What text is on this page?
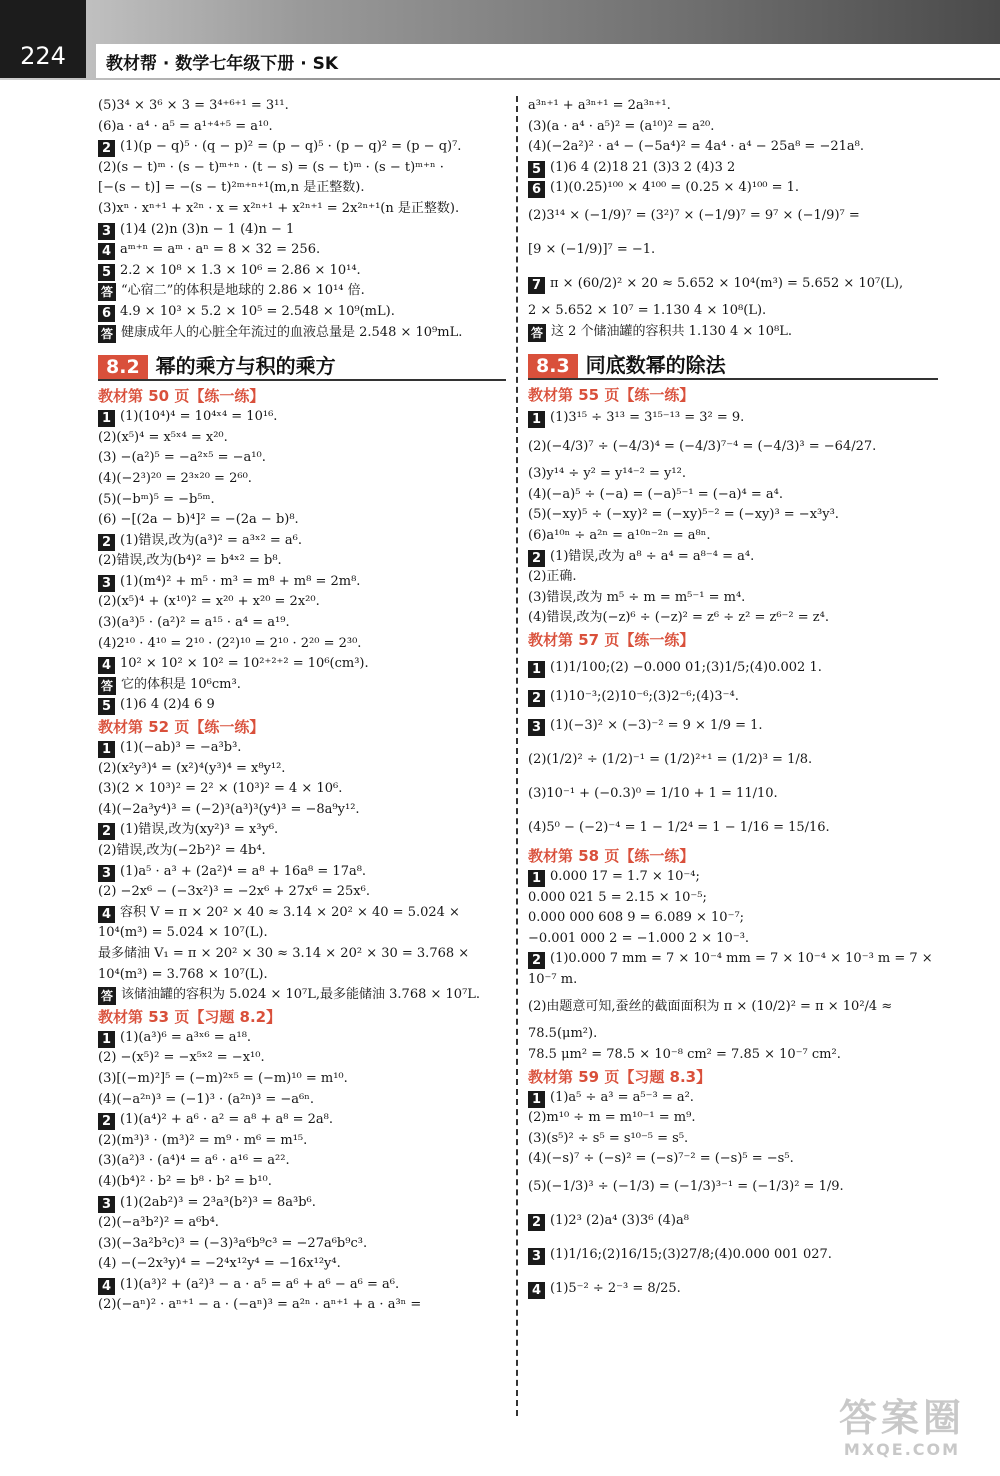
224	教材帮 · 数学七年级下册 · SK
(5)3⁴ × 3⁶ × 3 = 3⁴⁺⁶⁺¹ = 3¹¹.
(6)a · a⁴ · a⁵ = a¹⁺⁴⁺⁵ = a¹⁰.
2 (1)(p − q)⁵ · (q − p)² = (p − q)⁵ · (p − q)² = (p − q)⁷.
(2)(s − t)ᵐ · (s − t)ᵐ⁺ⁿ · (t − s) = (s − t)ᵐ · (s − t)ᵐ⁺ⁿ ·
[−(s − t)] = −(s − t)²ᵐ⁺ⁿ⁺¹(m,n 是正整数).
(3)xⁿ · xⁿ⁺¹ + x²ⁿ · x = x²ⁿ⁺¹ + x²ⁿ⁺¹ = 2x²ⁿ⁺¹(n 是正整数).
3 (1)4 (2)n (3)n − 1 (4)n − 1
4 aᵐ⁺ⁿ = aᵐ · aⁿ = 8 × 32 = 256.
5 2.2 × 10⁸ × 1.3 × 10⁶ = 2.86 × 10¹⁴.
答 “心宿二”的体积是地球的 2.86 × 10¹⁴ 倍.
6 4.9 × 10³ × 5.2 × 10⁵ = 2.548 × 10⁹(mL).
答 健康成年人的心脏全年流过的血液总量是 2.548 × 10⁹mL.
8.2 幂的乘方与积的乘方
教材第 50 页【练一练】
1 (1)(10⁴)⁴ = 10⁴ˣ⁴ = 10¹⁶.
(2)(x⁵)⁴ = x⁵ˣ⁴ = x²⁰.
(3) −(a²)⁵ = −a²ˣ⁵ = −a¹⁰.
(4)(−2³)²⁰ = 2³ˣ²⁰ = 2⁶⁰.
(5)(−bᵐ)⁵ = −b⁵ᵐ.
(6) −[(2a − b)⁴]² = −(2a − b)⁸.
2 (1)错误,改为(a³)² = a³ˣ² = a⁶.
(2)错误,改为(b⁴)² = b⁴ˣ² = b⁸.
3 (1)(m⁴)² + m⁵ · m³ = m⁸ + m⁸ = 2m⁸.
(2)(x⁵)⁴ + (x¹⁰)² = x²⁰ + x²⁰ = 2x²⁰.
(3)(a³)⁵ · (a²)² = a¹⁵ · a⁴ = a¹⁹.
(4)2¹⁰ · 4¹⁰ = 2¹⁰ · (2²)¹⁰ = 2¹⁰ · 2²⁰ = 2³⁰.
4 10² × 10² × 10² = 10²⁺²⁺² = 10⁶(cm³).
答 它的体积是 10⁶cm³.
5 (1)6 4 (2)4 6 9
教材第 52 页【练一练】
1 (1)(−ab)³ = −a³b³.
(2)(x²y³)⁴ = (x²)⁴(y³)⁴ = x⁸y¹².
(3)(2 × 10³)² = 2² × (10³)² = 4 × 10⁶.
(4)(−2a³y⁴)³ = (−2)³(a³)³(y⁴)³ = −8a⁹y¹².
2 (1)错误,改为(xy²)³ = x³y⁶.
(2)错误,改为(−2b²)² = 4b⁴.
3 (1)a⁵ · a³ + (2a²)⁴ = a⁸ + 16a⁸ = 17a⁸.
(2) −2x⁶ − (−3x²)³ = −2x⁶ + 27x⁶ = 25x⁶.
4 容积 V = π × 20² × 40 ≈ 3.14 × 20² × 40 = 5.024 ×
10⁴(m³) = 5.024 × 10⁷(L).
最多储油 V₁ = π × 20² × 30 ≈ 3.14 × 20² × 30 = 3.768 ×
10⁴(m³) = 3.768 × 10⁷(L).
答 该储油罐的容积为 5.024 × 10⁷L,最多能储油 3.768 × 10⁷L.
教材第 53 页【习题 8.2】
1 (1)(a³)⁶ = a³ˣ⁶ = a¹⁸.
(2) −(x⁵)² = −x⁵ˣ² = −x¹⁰.
(3)[(−m)²]⁵ = (−m)²ˣ⁵ = (−m)¹⁰ = m¹⁰.
(4)(−a²ⁿ)³ = (−1)³ · (a²ⁿ)³ = −a⁶ⁿ.
2 (1)(a⁴)² + a⁶ · a² = a⁸ + a⁸ = 2a⁸.
(2)(m³)³ · (m³)² = m⁹ · m⁶ = m¹⁵.
(3)(a²)³ · (a⁴)⁴ = a⁶ · a¹⁶ = a²².
(4)(b⁴)² · b² = b⁸ · b² = b¹⁰.
3 (1)(2ab²)³ = 2³a³(b²)³ = 8a³b⁶.
(2)(−a³b²)² = a⁶b⁴.
(3)(−3a²b³c)³ = (−3)³a⁶b⁹c³ = −27a⁶b⁹c³.
(4) −(−2x³y)⁴ = −2⁴x¹²y⁴ = −16x¹²y⁴.
4 (1)(a³)² + (a²)³ − a · a⁵ = a⁶ + a⁶ − a⁶ = a⁶.
(2)(−aⁿ)² · aⁿ⁺¹ − a · (−aⁿ)³ = a²ⁿ · aⁿ⁺¹ + a · a³ⁿ =
a³ⁿ⁺¹ + a³ⁿ⁺¹ = 2a³ⁿ⁺¹.
(3)(a · a⁴ · a⁵)² = (a¹⁰)² = a²⁰.
(4)(−2a²)² · a⁴ − (−5a⁴)² = 4a⁴ · a⁴ − 25a⁸ = −21a⁸.
5 (1)6 4 (2)18 21 (3)3 2 (4)3 2
6 (1)(0.25)¹⁰⁰ × 4¹⁰⁰ = (0.25 × 4)¹⁰⁰ = 1.
(2)3¹⁴ × (−1/9)⁷ = (3²)⁷ × (−1/9)⁷ = 9⁷ × (−1/9)⁷ =
[9 × (−1/9)]⁷ = −1.
7 π × (60/2)² × 20 ≈ 5.652 × 10⁴(m³) = 5.652 × 10⁷(L),
2 × 5.652 × 10⁷ = 1.130 4 × 10⁸(L).
答 这 2 个储油罐的容积共 1.130 4 × 10⁸L.
8.3 同底数幂的除法
教材第 55 页【练一练】
1 (1)3¹⁵ ÷ 3¹³ = 3¹⁵⁻¹³ = 3² = 9.
(2)(−4/3)⁷ ÷ (−4/3)⁴ = (−4/3)⁷⁻⁴ = (−4/3)³ = −64/27.
(3)y¹⁴ ÷ y² = y¹⁴⁻² = y¹².
(4)(−a)⁵ ÷ (−a) = (−a)⁵⁻¹ = (−a)⁴ = a⁴.
(5)(−xy)⁵ ÷ (−xy)² = (−xy)⁵⁻² = (−xy)³ = −x³y³.
(6)a¹⁰ⁿ ÷ a²ⁿ = a¹⁰ⁿ⁻²ⁿ = a⁸ⁿ.
2 (1)错误,改为 a⁸ ÷ a⁴ = a⁸⁻⁴ = a⁴.
(2)正确.
(3)错误,改为 m⁵ ÷ m = m⁵⁻¹ = m⁴.
(4)错误,改为(−z)⁶ ÷ (−z)² = z⁶ ÷ z² = z⁶⁻² = z⁴.
教材第 57 页【练一练】
1 (1)1/100;(2) −0.000 01;(3)1/5;(4)0.002 1.
2 (1)10⁻³;(2)10⁻⁶;(3)2⁻⁶;(4)3⁻⁴.
3 (1)(−3)² × (−3)⁻² = 9 × 1/9 = 1.
(2)(1/2)² ÷ (1/2)⁻¹ = (1/2)²⁺¹ = (1/2)³ = 1/8.
(3)10⁻¹ + (−0.3)⁰ = 1/10 + 1 = 11/10.
(4)5⁰ − (−2)⁻⁴ = 1 − 1/2⁴ = 1 − 1/16 = 15/16.
教材第 58 页【练一练】
1 0.000 17 = 1.7 × 10⁻⁴;
0.000 021 5 = 2.15 × 10⁻⁵;
0.000 000 608 9 = 6.089 × 10⁻⁷;
−0.001 000 2 = −1.000 2 × 10⁻³.
2 (1)0.000 7 mm = 7 × 10⁻⁴ mm = 7 × 10⁻⁴ × 10⁻³ m = 7 ×
10⁻⁷ m.
(2)由题意可知,蚕丝的截面面积为 π × (10/2)² = π × 10²/4 ≈
78.5(μm²).
78.5 μm² = 78.5 × 10⁻⁸ cm² = 7.85 × 10⁻⁷ cm².
教材第 59 页【习题 8.3】
1 (1)a⁵ ÷ a³ = a⁵⁻³ = a².
(2)m¹⁰ ÷ m = m¹⁰⁻¹ = m⁹.
(3)(s⁵)² ÷ s⁵ = s¹⁰⁻⁵ = s⁵.
(4)(−s)⁷ ÷ (−s)² = (−s)⁷⁻² = (−s)⁵ = −s⁵.
(5)(−1/3)³ ÷ (−1/3) = (−1/3)³⁻¹ = (−1/3)² = 1/9.
2 (1)2³ (2)a⁴ (3)3⁶ (4)a⁸
3 (1)1/16;(2)16/15;(3)27/8;(4)0.000 001 027.
4 (1)5⁻² ÷ 2⁻³ = 8/25.
答案圈
MXQE.COM
